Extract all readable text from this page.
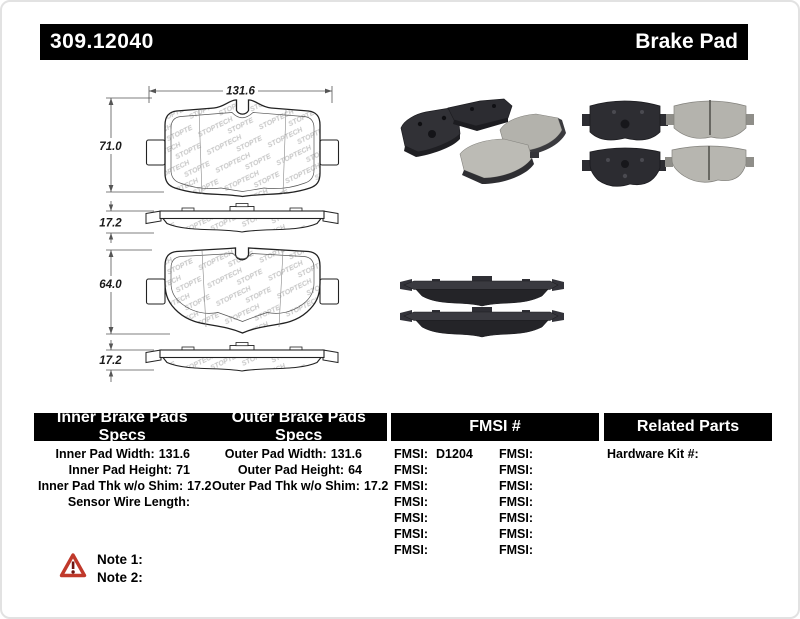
309.12040	Brake Pad
131.6
71.0
17.2
64.0
17.2
Inner Brake Pads Specs
Outer Brake Pads Specs
FMSI #	Related Parts
Inner Pad Width: 131.6
Inner Pad Height: 71
Inner Pad Thk w/o Shim: 17.2
Sensor Wire Length:
Outer Pad Width: 131.6
Outer Pad Height: 64
Outer Pad Thk w/o Shim: 17.2
FMSI: D1204
FMSI:
FMSI:
FMSI:
FMSI:
FMSI:
FMSI:
FMSI:
FMSI:
FMSI:
FMSI:
FMSI:
FMSI:
FMSI:
Hardware Kit #:
Note 1:
Note 2:
